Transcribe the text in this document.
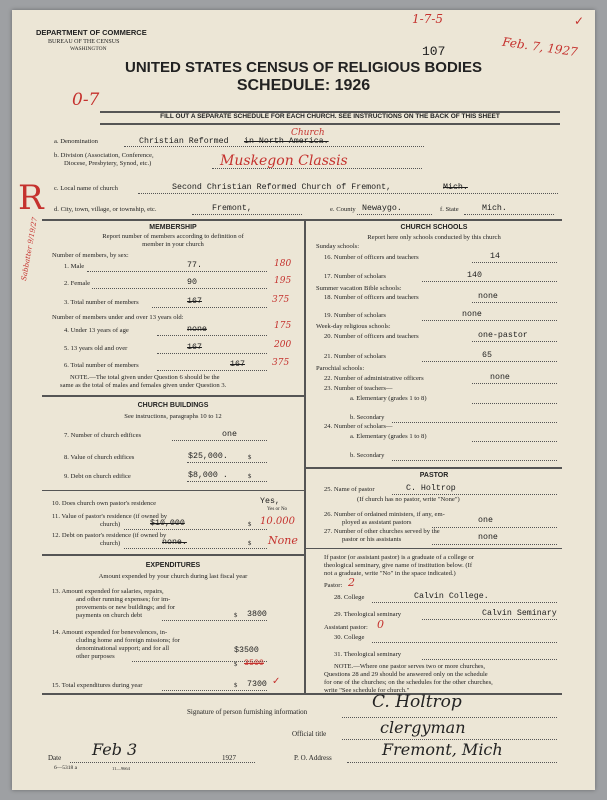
DEPARTMENT OF COMMERCE
BUREAU OF THE CENSUS
WASHINGTON	107
1-7-5
Feb. 7, 1927
✓
UNITED STATES CENSUS OF RELIGIOUS BODIES
SCHEDULE: 1926
0-7
FILL OUT A SEPARATE SCHEDULE FOR EACH CHURCH. SEE INSTRUCTIONS ON THE BACK OF THIS SHEET
a. Denomination	Christian Reformed in North America.
Church
b. Division (Association, Conference,
Diocese, Presbytery, Synod, etc.)	Muskegon Classis
R c. Local name of church	Second Christian Reformed Church of Fremont,	Mich.
d. City, town, village, or township, etc.	Fremont,	e. County Newaygo.	f. State	Mich.
MEMBERSHIP
Report number of members according to definition of
member in your church
Number of members, by sex:
1. Male	77.	180
2. Female	90	195
3. Total number of members	167	375
Number of members under and over 13 years old:
4. Under 13 years of age	none	175
5. 13 years old and over	167	200
6. Total number of members	167	375
NOTE.—The total given under Question 6 should be the
same as the total of males and females given under Question 3.
Sabbatter 9/19/27
CHURCH BUILDINGS
See instructions, paragraphs 10 to 12
7. Number of church edifices	one
8. Value of church edifices	$25,000.	$
9. Debt on church edifice	$8,000 .	$
10. Does church own pastor's residence	Yes,
Yes or No
11. Value of pastor's residence (if owned by
church)	$10,000	$ 10.000
12. Debt on pastor's residence (if owned by
church)	none.	$ None
EXPENDITURES
Amount expended by your church during last fiscal year
13. Amount expended for salaries, repairs,
and other running expenses; for im-
provements or new buildings; and for
payments on church debt	$ 3800
14. Amount expended for benevolences, in-
cluding home and foreign missions; for
denominational support; and for all
other purposes
$3500
$ 3500
15. Total expenditures during year	$ 7300 ✓
CHURCH SCHOOLS
Report here only schools conducted by this church
Sunday schools:
16. Number of officers and teachers	14
17. Number of scholars	140
Summer vacation Bible schools:
18. Number of officers and teachers	none
19. Number of scholars	none
Week-day religious schools:
20. Number of officers and teachers	one-pastor
21. Number of scholars	65
Parochial schools:
22. Number of administrative officers	none
23. Number of teachers—
a. Elementary (grades 1 to 8)
b. Secondary
24. Number of scholars—
a. Elementary (grades 1 to 8)
b. Secondary
PASTOR
25. Name of pastor	C. Holtrop
(If church has no pastor, write "None")
26. Number of ordained ministers, if any, em-
ployed as assistant pastors	one
27. Number of other churches served by the
pastor or his assistants	none
If pastor (or assistant pastor) is a graduate of a college or
theological seminary, give name of institution below. (If
not a graduate, write "No" in the space indicated.)
Pastor: 2
28. College	Calvin College.
29. Theological seminary	Calvin Seminary
Assistant pastor: 0
30. College
31. Theological seminary
NOTE.—Where one pastor serves two or more churches,
Questions 28 and 29 should be answered only on the schedule
for one of the churches; on the schedules for the other churches,
write "See schedule for church."
Signature of person furnishing information	C. Holtrop
Official title	clergyman
Date Feb 3	1927	P. O. Address	Fremont, Mich
6—5318 a	11—9664
